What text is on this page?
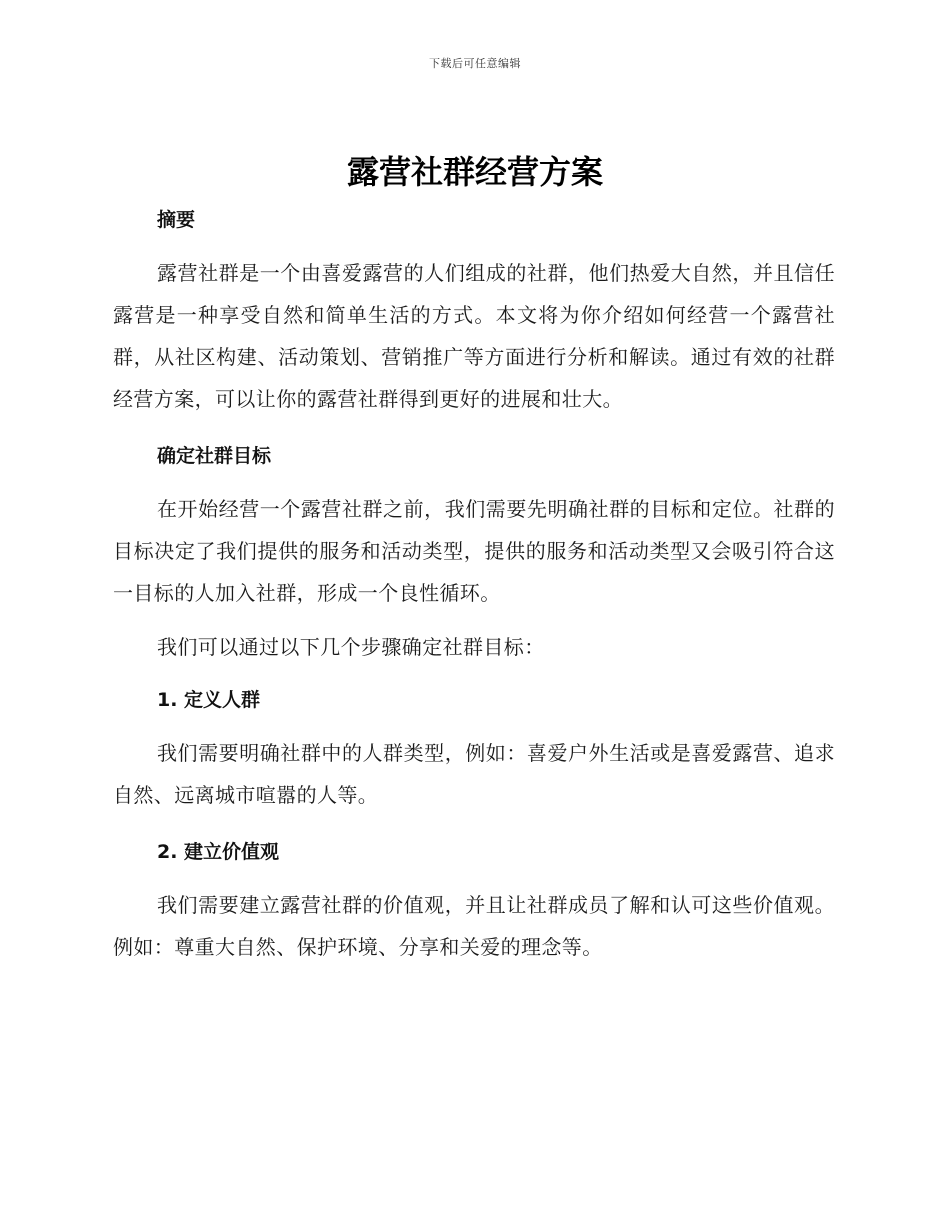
下载后可任意编辑
露营社群经营方案
摘要

露营社群是一个由喜爱露营的人们组成的社群，他们热爱大自然，并且信任露营是一种享受自然和简单生活的方式。本文将为你介绍如何经营一个露营社群，从社区构建、活动策划、营销推广等方面进行分析和解读。通过有效的社群经营方案，可以让你的露营社群得到更好的进展和壮大。

确定社群目标

在开始经营一个露营社群之前，我们需要先明确社群的目标和定位。社群的目标决定了我们提供的服务和活动类型，提供的服务和活动类型又会吸引符合这一目标的人加入社群，形成一个良性循环。

我们可以通过以下几个步骤确定社群目标：

1. 定义人群

我们需要明确社群中的人群类型，例如：喜爱户外生活或是喜爱露营、追求自然、远离城市喧嚣的人等。

2. 建立价值观

我们需要建立露营社群的价值观，并且让社群成员了解和认可这些价值观。例如：尊重大自然、保护环境、分享和关爱的理念等。
